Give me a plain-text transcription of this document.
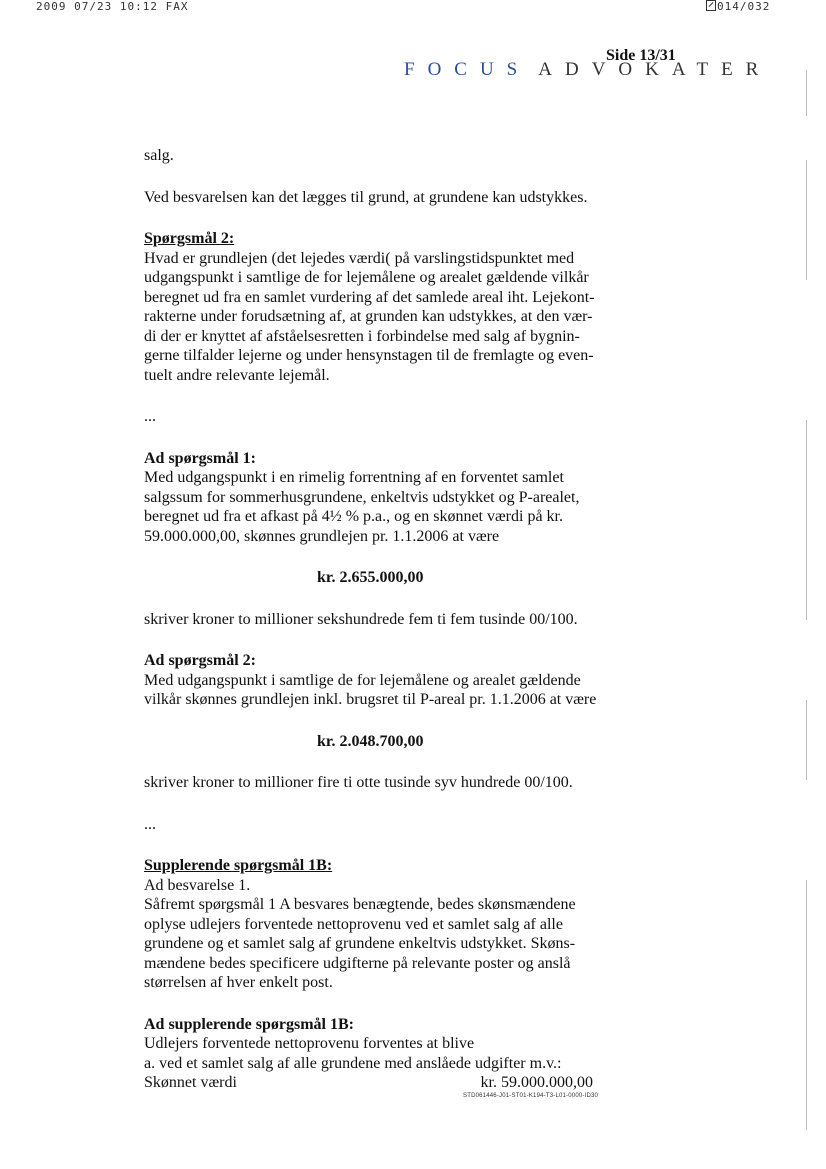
2009 07/23 10:12 FAX	014/032
FOCUS ADVOKATER
Side 13/31

salg.

Ved besvarelsen kan det lægges til grund, at grundene kan udstykkes.

Spørgsmål 2:

Hvad er grundlejen (det lejedes værdi( på varslingstidspunktet med

udgangspunkt i samtlige de for lejemålene og arealet gældende vilkår

beregnet ud fra en samlet vurdering af det samlede areal iht. Lejekont-

rakterne under forudsætning af, at grunden kan udstykkes, at den vær-

di der er knyttet af afståelsesretten i forbindelse med salg af bygnin-

gerne tilfalder lejerne og under hensynstagen til de fremlagte og even-

tuelt andre relevante lejemål.

...

Ad spørgsmål 1:

Med udgangspunkt i en rimelig forrentning af en forventet samlet

salgssum for sommerhusgrundene, enkeltvis udstykket og P-arealet,

beregnet ud fra et afkast på 4½ % p.a., og en skønnet værdi på kr.

59.000.000,00, skønnes grundlejen pr. 1.1.2006 at være

kr. 2.655.000,00

skriver kroner to millioner sekshundrede fem ti fem tusinde 00/100.

Ad spørgsmål 2:

Med udgangspunkt i samtlige de for lejemålene og arealet gældende

vilkår skønnes grundlejen inkl. brugsret til P-areal pr. 1.1.2006 at være

kr. 2.048.700,00

skriver kroner to millioner fire ti otte tusinde syv hundrede 00/100.

...

Supplerende spørgsmål 1B:

Ad besvarelse 1.

Såfremt spørgsmål 1 A besvares benægtende, bedes skønsmændene

oplyse udlejers forventede nettoprovenu ved et samlet salg af alle

grundene og et samlet salg af grundene enkeltvis udstykket. Skøns-

mændene bedes specificere udgifterne på relevante poster og anslå

størrelsen af hver enkelt post.

Ad supplerende spørgsmål 1B:

Udlejers forventede nettoprovenu forventes at blive

a. ved et samlet salg af alle grundene med anslåede udgifter m.v.:

Skønnet værdi	kr. 59.000.000,00
STD061446-J01-ST01-K194-T3-L01-0000-ID30
